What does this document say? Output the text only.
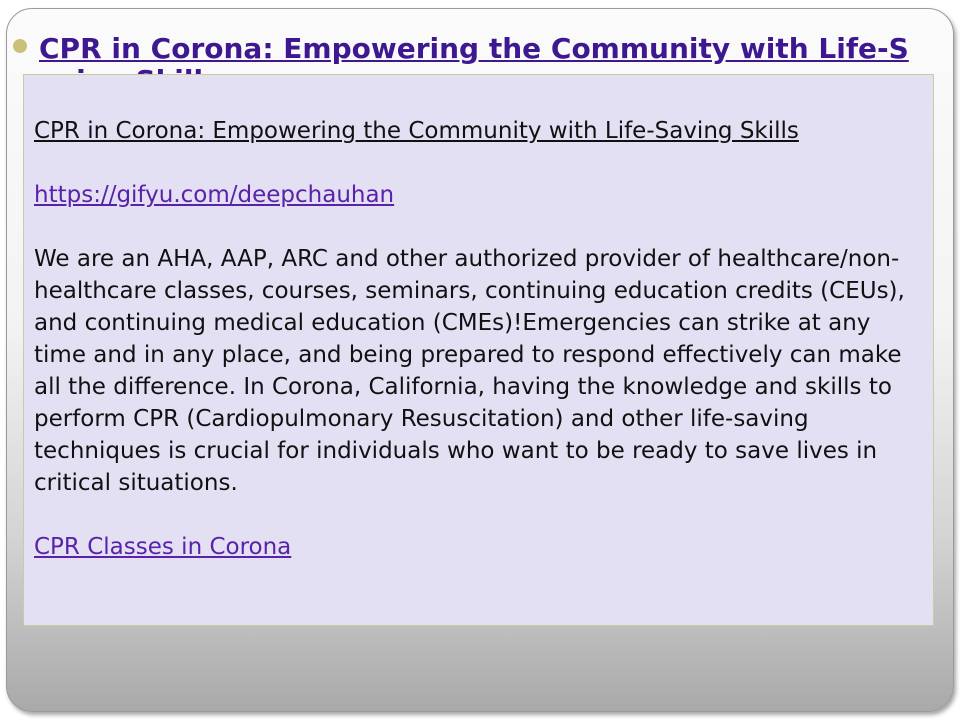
CPR in Corona: Empowering the Community with Life-S

CPR in Corona: Empowering the Community with Life-Saving Skills

https://gifyu.com/deepchauhan

We are an AHA, AAP, ARC and other authorized provider of healthcare/non-healthcare classes, courses, seminars, continuing education credits (CEUs), and continuing medical education (CMEs)!Emergencies can strike at any time and in any place, and being prepared to respond effectively can make all the difference. In Corona, California, having the knowledge and skills to perform CPR (Cardiopulmonary Resuscitation) and other life-saving techniques is crucial for individuals who want to be ready to save lives in critical situations.

CPR Classes in Corona
